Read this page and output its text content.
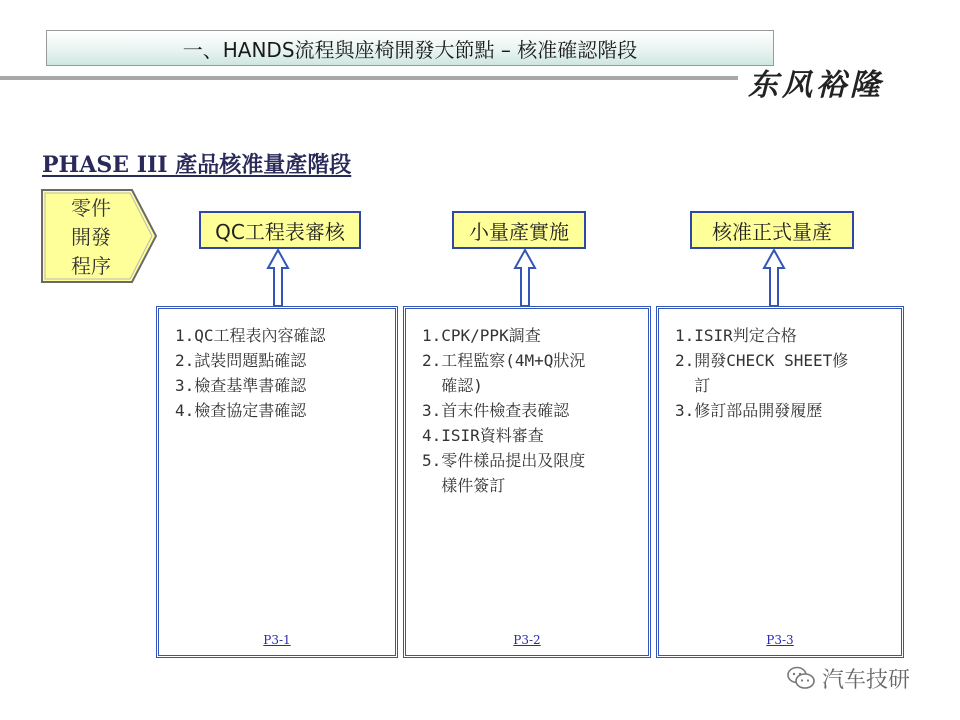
一、HANDS流程與座椅開發大節點 – 核准確認階段
东风裕隆
PHASE III 產品核准量產階段
零件
開發
程序
QC工程表審核
1.QC工程表內容確認
2.試裝問題點確認
3.檢查基準書確認
4.檢查協定書確認
P3-1
小量產實施
1.CPK/PPK調查
2.工程監察(4M+Q狀況
確認)
3.首末件檢查表確認
4.ISIR資料審查
5.零件樣品提出及限度
樣件簽訂
P3-2
核准正式量產
1.ISIR判定合格
2.開發CHECK SHEET修
訂
3.修訂部品開發履歷
P3-3
汽车技研
